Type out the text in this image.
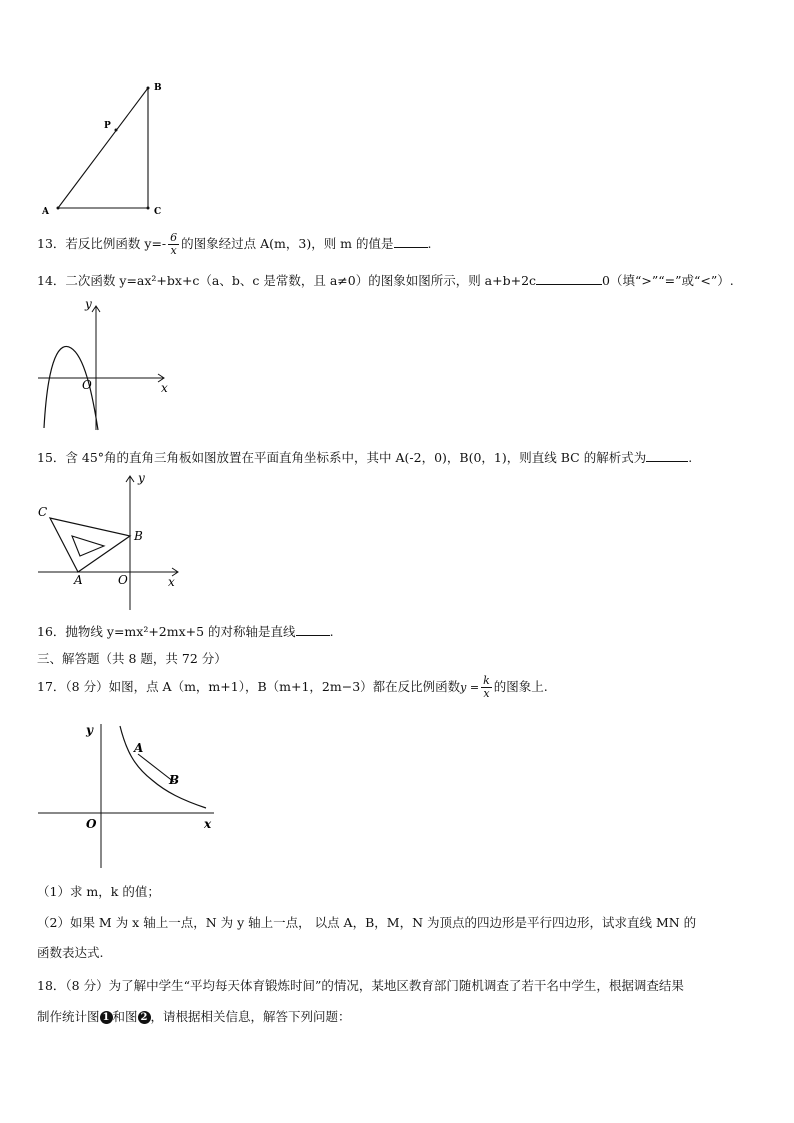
B
P
A	C
13．若反比例函数 $y=- \frac{6}{x}$ 的图象经过点 A(m，3)，则 m 的值是	.
14．二次函数 y=ax²+bx+c（a、b、c 是常数，且 a≠0）的图象如图所示，则 a+b+2c	0（填“>”“=”或“<”）.
y
x
O
15．含 45°角的直角三角板如图放置在平面直角坐标系中，其中 A(-2，0)，B(0，1)，则直线 BC 的解析式为	.
y
x
O
A
B
C
16．抛物线 y=mx²+2mx+5 的对称轴是直线	.
三、解答题（共 8 题，共 72 分）
17．（8 分）如图，点 A（m，m+1），B（m+1，2m−3）都在反比例函数$y = \frac{k}{x}$ 的图象上.
y
x
O
A
B
（1）求 m，k 的值；
（2）如果 M 为 x 轴上一点，N 为 y 轴上一点， 以点 A，B，M，N 为顶点的四边形是平行四边形，试求直线 MN 的
函数表达式.
18．（8 分）为了解中学生“平均每天体育锻炼时间”的情况，某地区教育部门随机调查了若干名中学生，根据调查结果
制作统计图 1 和图 2 ，请根据相关信息，解答下列问题：
